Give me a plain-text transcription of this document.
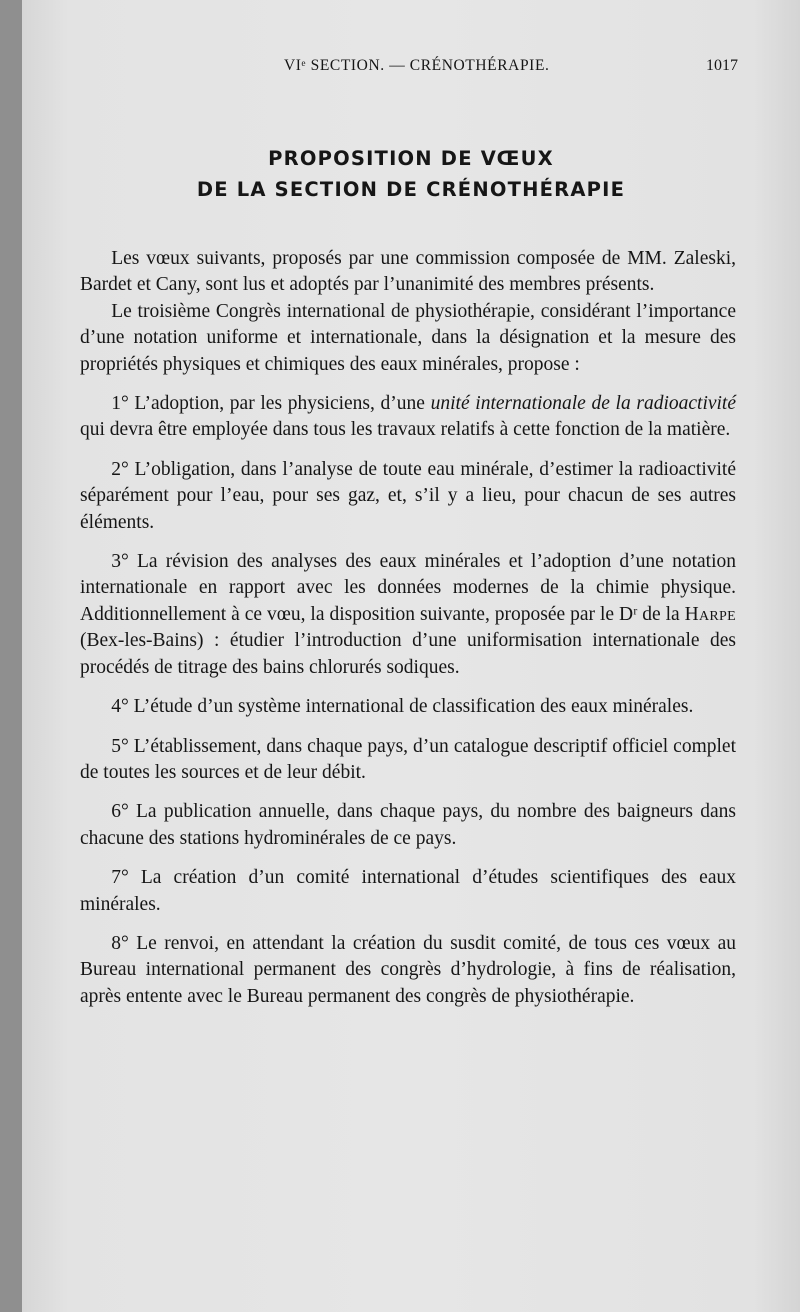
VIᵉ SECTION. — CRÉNOTHÉRAPIE.	1017
PROPOSITION DE VŒUX
DE LA SECTION DE CRÉNOTHÉRAPIE

Les vœux suivants, proposés par une commission composée de MM. Zaleski, Bardet et Cany, sont lus et adoptés par l’unanimité des membres présents.

Le troisième Congrès international de physiothérapie, considérant l’importance d’une notation uniforme et internationale, dans la désignation et la mesure des propriétés physiques et chimiques des eaux minérales, propose :

1° L’adoption, par les physiciens, d’une unité internationale de la radioactivité qui devra être employée dans tous les travaux relatifs à cette fonction de la matière.

2° L’obligation, dans l’analyse de toute eau minérale, d’estimer la radioactivité séparément pour l’eau, pour ses gaz, et, s’il y a lieu, pour chacun de ses autres éléments.

3° La révision des analyses des eaux minérales et l’adoption d’une notation internationale en rapport avec les données modernes de la chimie physique. Additionnellement à ce vœu, la disposition suivante, proposée par le Dʳ de la Harpe (Bex-les-Bains) : étudier l’introduction d’une uniformisation internationale des procédés de titrage des bains chlorurés sodiques.

4° L’étude d’un système international de classification des eaux minérales.

5° L’établissement, dans chaque pays, d’un catalogue descriptif officiel complet de toutes les sources et de leur débit.

6° La publication annuelle, dans chaque pays, du nombre des baigneurs dans chacune des stations hydrominérales de ce pays.

7° La création d’un comité international d’études scientifiques des eaux minérales.

8° Le renvoi, en attendant la création du susdit comité, de tous ces vœux au Bureau international permanent des congrès d’hydrologie, à fins de réalisation, après entente avec le Bureau permanent des congrès de physiothérapie.
